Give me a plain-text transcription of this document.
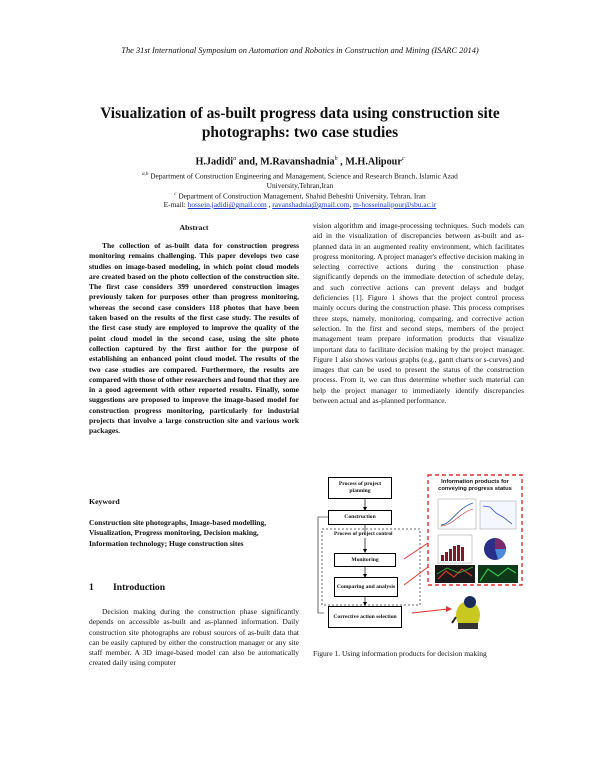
The 31st International Symposium on Automation and Robotics in Construction and Mining (ISARC 2014)
Visualization of as-built progress data using construction site
photographs: two case studies
H.Jadidi$^a$ and, M.Ravanshadnia$^b$ , M.H.Alipour$^c$
$^{a,b}$ Department of Construction Engineering and Management, Science and Research Branch, Islamic Azad
University,Tehran,Iran
$^c$ Department of Construction Management, Shahid Beheshti University, Tehran, Iran
E-mail: hossein.jadidi@gmail.com , ravanshadnia@gmail.com, m-hosseinalipour@sbu.ac.ir
Abstract
The collection of as-built data for construction progress monitoring remains challenging. This paper develops two case studies on image-based modeling, in which point cloud models are created based on the photo collection of the construction site. The first case considers 399 unordered construction images previously taken for purposes other than progress monitoring, whereas the second case considers 118 photos that have been taken based on the results of the first case study. The results of the first case study are employed to improve the quality of the point cloud model in the second case, using the site photo collection captured by the first author for the purpose of establishing an enhanced point cloud model. The results of the two case studies are compared. Furthermore, the results are compared with those of other researchers and found that they are in a good agreement with other reported results. Finally, some suggestions are proposed to improve the image-based model for construction progress monitoring, particularly for industrial projects that involve a large construction site and various work packages.
Keyword
Construction site photographs, Image-based modelling, Visualization, Progress monitoring, Decision making, Information technology; Huge construction sites
1 Introduction
Decision making during the construction phase significantly depends on accessible as-built and as-planned information. Daily construction site photographs are robust sources of as-built data that can be easily captured by either the construction manager or any site staff member. A 3D image-based model can also be automatically created daily using computer
vision algorithm and image-processing techniques. Such models can aid in the visualization of discrepancies between as-built and as-planned data in an augmented reality environment, which facilitates progress monitoring. A project manager's effective decision making in selecting corrective actions during the construction phase significantly depends on the immediate detection of schedule delay, and such corrective actions can prevent delays and budget deficiencies [1]. Figure 1 shows that the project control process mainly occurs during the construction phase. This process comprises three steps, namely, monitoring, comparing, and corrective action selection. In the first and second steps, members of the project management team prepare information products that visualize important data to facilitate decision making by the project manager. Figure 1 also shows various graphs (e.g., gantt charts or s-curves) and images that can be used to present the status of the construction process. From it, we can thus determine whether such material can help the project manager to immediately identify discrepancies between actual and as-planned performance.
Process of project planning
Construction
Process of project control
Monitoring
Comparing and analysis
Corrective action selection
Information products for conveying progress status
Figure 1. Using information products for decision making
